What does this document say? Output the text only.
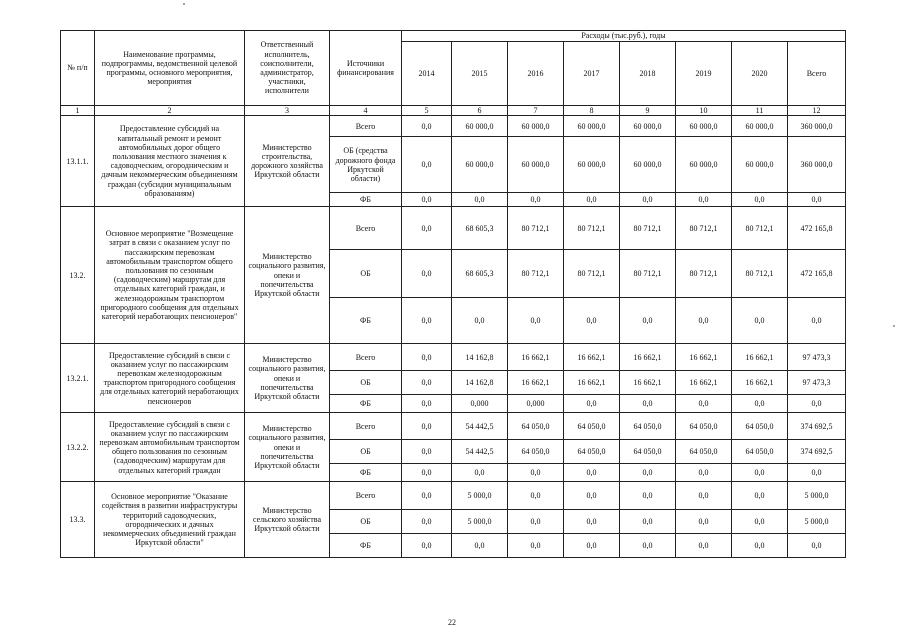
№ п/п	Наименование программы, подпрограммы, ведомственной целевой программы, основного мероприятия, мероприятия	Ответственный исполнитель, соисполнители, администратор, участники, исполнители	Источники финансирования	Расходы (тыс.руб.), годы							
				2014	2015	2016	2017	2018	2019	2020	Всего
1	2	3	4	5	6	7	8	9	10	11	12
13.1.1.	Предоставление субсидий на капитальный ремонт и ремонт автомобильных дорог общего пользования местного значения к садоводческим, огородническим и дачным некоммерческим объединениям граждан (субсидии муниципальным образованиям)	Министерство строительства, дорожного хозяйства Иркутской области	Всего	0,0	60 000,0	60 000,0	60 000,0	60 000,0	60 000,0	60 000,0	360 000,0
			ОБ (средства дорожного фонда Иркутской области)	0,0	60 000,0	60 000,0	60 000,0	60 000,0	60 000,0	60 000,0	360 000,0
			ФБ	0,0	0,0	0,0	0,0	0,0	0,0	0,0	0,0
13.2.	Основное мероприятие "Возмещение затрат в связи с оказанием услуг по пассажирским перевозкам автомобильным транспортом общего пользования по сезонным (садоводческим) маршрутам для отдельных категорий граждан, и железнодорожным транспортом пригородного сообщения для отдельных категорий неработающих пенсионеров"	Министерство социального развития, опеки и попечительства Иркутской области	Всего	0,0	68 605,3	80 712,1	80 712,1	80 712,1	80 712,1	80 712,1	472 165,8
			ОБ	0,0	68 605,3	80 712,1	80 712,1	80 712,1	80 712,1	80 712,1	472 165,8
			ФБ	0,0	0,0	0,0	0,0	0,0	0,0	0,0	0,0
13.2.1.	Предоставление субсидий в связи с оказанием услуг по пассажирским перевозкам железнодорожным транспортом пригородного сообщения для отдельных категорий неработающих пенсионеров	Министерство социального развития, опеки и попечительства Иркутской области	Всего	0,0	14 162,8	16 662,1	16 662,1	16 662,1	16 662,1	16 662,1	97 473,3
			ОБ	0,0	14 162,8	16 662,1	16 662,1	16 662,1	16 662,1	16 662,1	97 473,3
			ФБ	0,0	0,000	0,000	0,0	0,0	0,0	0,0	0,0
13.2.2.	Предоставление субсидий в связи с оказанием услуг по пассажирским перевозкам автомобильным транспортом общего пользования по сезонным (садоводческим) маршрутам для отдельных категорий граждан	Министерство социального развития, опеки и попечительства Иркутской области	Всего	0,0	54 442,5	64 050,0	64 050,0	64 050,0	64 050,0	64 050,0	374 692,5
			ОБ	0,0	54 442,5	64 050,0	64 050,0	64 050,0	64 050,0	64 050,0	374 692,5
			ФБ	0,0	0,0	0,0	0,0	0,0	0,0	0,0	0,0
13.3.	Основное мероприятие "Оказание содействия в развитии инфраструктуры территорий садоводческих, огороднических и дачных некоммерческих объединений граждан Иркутской области"	Министерство сельского хозяйства Иркутской области	Всего	0,0	5 000,0	0,0	0,0	0,0	0,0	0,0	5 000,0
			ОБ	0,0	5 000,0	0,0	0,0	0,0	0,0	0,0	5 000,0
			ФБ	0,0	0,0	0,0	0,0	0,0	0,0	0,0	0,0
22
